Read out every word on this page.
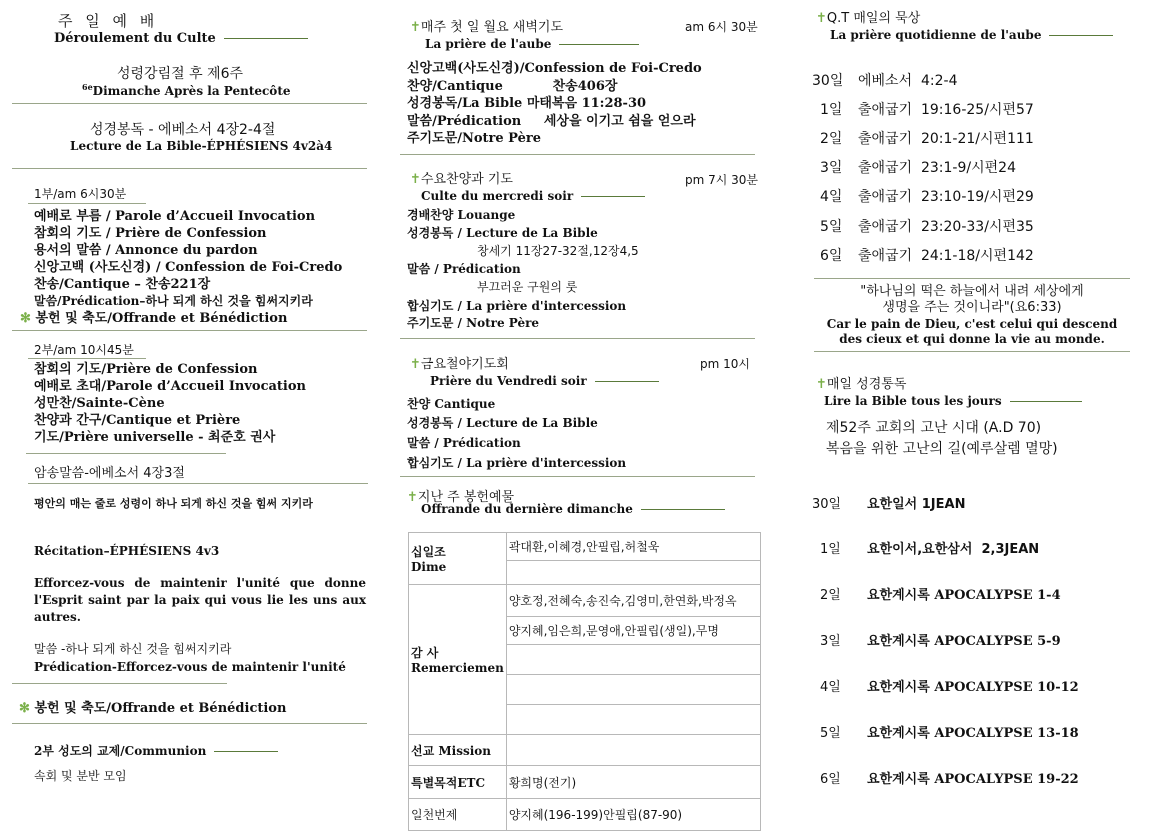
주 일 예 배
Déroulement du Culte
성령강림절 후 제6주
$^{6e}$Dimanche Après la Pentecôte
성경봉독 - 에베소서 4장2-4절
Lecture de La Bible-ÉPHÉSIENS 4v2à4
1부/am 6시30분
예배로 부름 / Parole d’Accueil Invocation
참회의 기도 / Prière de Confession
용서의 말씀 / Annonce du pardon
신앙고백 (사도신경) / Confession de Foi-Credo
찬송/Cantique – 찬송221장
말씀/Prédication–하나 되게 하신 것을 힘써지키라
✻ 봉헌 및 축도/Offrande et Bénédiction
2부/am 10시45분
참회의 기도/Prière de Confession
예배로 초대/Parole d’Accueil Invocation
성만찬/Sainte-Cène
찬양과 간구/Cantique et Prière
기도/Prière universelle - 최준호 권사
암송말씀-에베소서 4장3절
평안의 매는 줄로 성령이 하나 되게 하신 것을 힘써 지키라
Récitation–ÉPHÉSIENS 4v3
Efforcez-vous de maintenir l'unité que donne l'Esprit saint par la paix qui vous lie les uns aux autres.
말씀 -하나 되게 하신 것을 힘써지키라
Prédication-Efforcez-vous de maintenir l'unité
✻ 봉헌 및 축도/Offrande et Bénédiction
2부 성도의 교제/Communion
속회 및 분반 모임
✝매주 첫 일 월요 새벽기도	am 6시 30분
La prière de l'aube
신앙고백(사도신경)/Confession de Foi-Credo
찬양/Cantique           찬송406장
성경봉독/La Bible 마태복음 11:28-30
말씀/Prédication     세상을 이기고 쉼을 얻으라
주기도문/Notre Père
✝수요찬양과 기도	pm 7시 30분
Culte du mercredi soir
경배찬양 Louange
성경봉독 / Lecture de La Bible
창세기 11장27-32절,12장4,5
말씀 / Prédication
부끄러운 구원의 룻
합심기도 / La prière d'intercession
주기도문 / Notre Père
✝금요철야기도회	pm 10시
Prière du Vendredi soir
찬양 Cantique
성경봉독 / Lecture de La Bible
말씀 / Prédication
합심기도 / La prière d'intercession
✝지난 주 봉헌예물
Offrande du dernière dimanche
십일조
Dime	곽대환,이혜경,안필립,허철욱

감 사
Remerciemen	양호정,전혜숙,송진숙,김영미,한연화,박정옥
	양지혜,임은희,문영애,안필립(생일),무명

선교 Mission	
특별목적ETC	황희명(전기)
일천번제	양지혜(196-199)안필립(87-90)
✝Q.T 매일의 묵상
La prière quotidienne de l'aube
30일 에베소서  4:2-4
1일 출애굽기  19:16-25/시편57
2일 출애굽기  20:1-21/시편111
3일 출애굽기  23:1-9/시편24
4일 출애굽기  23:10-19/시편29
5일 출애굽기  23:20-33/시편35
6일 출애굽기  24:1-18/시편142
"하나님의 떡은 하늘에서 내려 세상에게
생명을 주는 것이니라"(요6:33)
Car le pain de Dieu, c'est celui qui descend
des cieux et qui donne la vie au monde.
✝매일 성경통독
Lire la Bible tous les jours
제52주 교회의 고난 시대 (A.D 70)
복음을 위한 고난의 길(예루살렘 멸망)
30일 요한일서 1JEAN
1일 요한이서,요한삼서  2,3JEAN
2일 요한계시록 APOCALYPSE 1-4
3일 요한계시록 APOCALYPSE 5-9
4일 요한계시록 APOCALYPSE 10-12
5일 요한계시록 APOCALYPSE 13-18
6일 요한계시록 APOCALYPSE 19-22
